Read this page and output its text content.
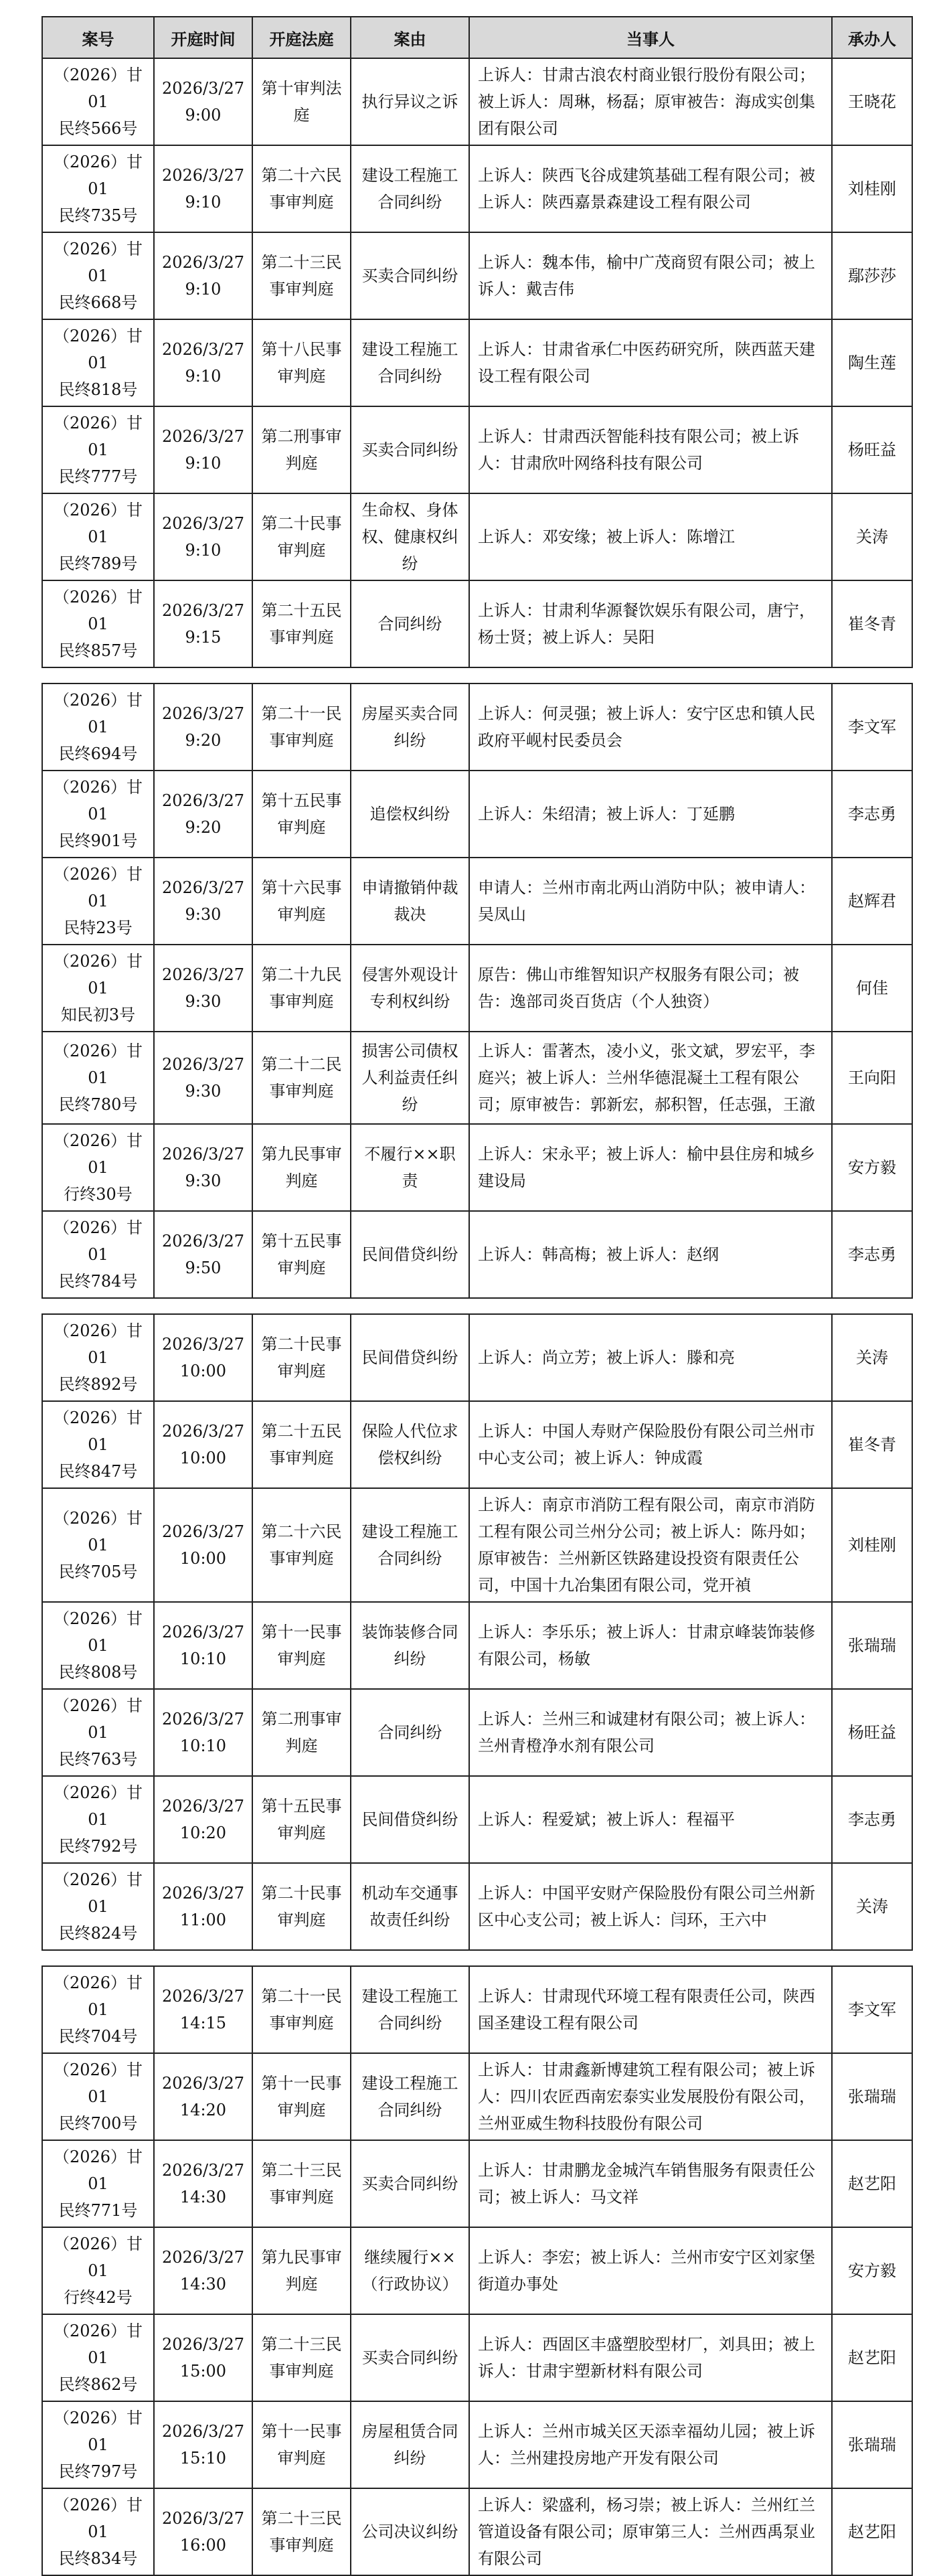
案号	开庭时间	开庭法庭	案由	当事人	承办人

（2026）甘01
民终566号	2026/3/27
9:00	第十审判法
庭	执行异议之诉	上诉人：甘肃古浪农村商业银行股份有限公司；被上诉人：周琳，杨磊；原审被告：海成实创集团有限公司	王晓花

（2026）甘01
民终735号	2026/3/27
9:10	第二十六民
事审判庭	建设工程施工
合同纠纷	上诉人：陕西飞谷成建筑基础工程有限公司；被上诉人：陕西嘉景森建设工程有限公司	刘桂刚

（2026）甘01
民终668号	2026/3/27
9:10	第二十三民
事审判庭	买卖合同纠纷	上诉人：魏本伟，榆中广茂商贸有限公司；被上诉人：戴吉伟	鄢莎莎

（2026）甘01
民终818号	2026/3/27
9:10	第十八民事
审判庭	建设工程施工
合同纠纷	上诉人：甘肃省承仁中医药研究所，陕西蓝天建设工程有限公司	陶生莲

（2026）甘01
民终777号	2026/3/27
9:10	第二刑事审
判庭	买卖合同纠纷	上诉人：甘肃西沃智能科技有限公司；被上诉人：甘肃欣叶网络科技有限公司	杨旺益

（2026）甘01
民终789号	2026/3/27
9:10	第二十民事
审判庭	生命权、身体
权、健康权纠纷	上诉人：邓安缘；被上诉人：陈增江	关涛

（2026）甘01
民终857号	2026/3/27
9:15	第二十五民
事审判庭	合同纠纷	上诉人：甘肃利华源餐饮娱乐有限公司，唐宁，杨士贤；被上诉人：吴阳	崔冬青

（2026）甘01
民终694号	2026/3/27
9:20	第二十一民
事审判庭	房屋买卖合同
纠纷	上诉人：何灵强；被上诉人：安宁区忠和镇人民政府平岘村民委员会	李文军

（2026）甘01
民终901号	2026/3/27
9:20	第十五民事
审判庭	追偿权纠纷	上诉人：朱绍清；被上诉人：丁延鹏	李志勇

（2026）甘01
民特23号	2026/3/27
9:30	第十六民事
审判庭	申请撤销仲裁
裁决	申请人：兰州市南北两山消防中队；被申请人：吴凤山	赵辉君

（2026）甘01
知民初3号	2026/3/27
9:30	第二十九民
事审判庭	侵害外观设计
专利权纠纷	原告：佛山市维智知识产权服务有限公司；被告：逸部司炎百货店（个人独资）	何佳

（2026）甘01
民终780号	2026/3/27
9:30	第二十二民
事审判庭	损害公司债权
人利益责任纠
纷	上诉人：雷著杰，凌小义，张文斌，罗宏平，李庭兴；被上诉人：兰州华德混凝土工程有限公司；原审被告：郭新宏，郝积智，任志强，王澈	王向阳

（2026）甘01
行终30号	2026/3/27
9:30	第九民事审
判庭	不履行××职
责	上诉人：宋永平；被上诉人：榆中县住房和城乡建设局	安方毅

（2026）甘01
民终784号	2026/3/27
9:50	第十五民事
审判庭	民间借贷纠纷	上诉人：韩高梅；被上诉人：赵纲	李志勇

（2026）甘01
民终892号	2026/3/27
10:00	第二十民事
审判庭	民间借贷纠纷	上诉人：尚立芳；被上诉人：滕和亮	关涛

（2026）甘01
民终847号	2026/3/27
10:00	第二十五民
事审判庭	保险人代位求
偿权纠纷	上诉人：中国人寿财产保险股份有限公司兰州市中心支公司；被上诉人：钟成霞	崔冬青

（2026）甘01
民终705号	2026/3/27
10:00	第二十六民
事审判庭	建设工程施工
合同纠纷	上诉人：南京市消防工程有限公司，南京市消防工程有限公司兰州分公司；被上诉人：陈丹如；原审被告：兰州新区铁路建设投资有限责任公司，中国十九冶集团有限公司，党开禎	刘桂刚

（2026）甘01
民终808号	2026/3/27
10:10	第十一民事
审判庭	装饰装修合同
纠纷	上诉人：李乐乐；被上诉人：甘肃京峰装饰装修有限公司，杨敏	张瑞瑞

（2026）甘01
民终763号	2026/3/27
10:10	第二刑事审
判庭	合同纠纷	上诉人：兰州三和诚建材有限公司；被上诉人：兰州青橙净水剂有限公司	杨旺益

（2026）甘01
民终792号	2026/3/27
10:20	第十五民事
审判庭	民间借贷纠纷	上诉人：程爱斌；被上诉人：程福平	李志勇

（2026）甘01
民终824号	2026/3/27
11:00	第二十民事
审判庭	机动车交通事
故责任纠纷	上诉人：中国平安财产保险股份有限公司兰州新区中心支公司；被上诉人：闫环，王六中	关涛

（2026）甘01
民终704号	2026/3/27
14:15	第二十一民
事审判庭	建设工程施工
合同纠纷	上诉人：甘肃现代环境工程有限责任公司，陕西国圣建设工程有限公司	李文军

（2026）甘01
民终700号	2026/3/27
14:20	第十一民事
审判庭	建设工程施工
合同纠纷	上诉人：甘肃鑫新博建筑工程有限公司；被上诉人：四川农匠西南宏泰实业发展股份有限公司，兰州亚威生物科技股份有限公司	张瑞瑞

（2026）甘01
民终771号	2026/3/27
14:30	第二十三民
事审判庭	买卖合同纠纷	上诉人：甘肃鹏龙金城汽车销售服务有限责任公司；被上诉人：马文祥	赵艺阳

（2026）甘01
行终42号	2026/3/27
14:30	第九民事审
判庭	继续履行××
（行政协议）	上诉人：李宏；被上诉人：兰州市安宁区刘家堡街道办事处	安方毅

（2026）甘01
民终862号	2026/3/27
15:00	第二十三民
事审判庭	买卖合同纠纷	上诉人：西固区丰盛塑胶型材厂，刘具田；被上诉人：甘肃宇塑新材料有限公司	赵艺阳

（2026）甘01
民终797号	2026/3/27
15:10	第十一民事
审判庭	房屋租赁合同
纠纷	上诉人：兰州市城关区天添幸福幼儿园；被上诉人：兰州建投房地产开发有限公司	张瑞瑞

（2026）甘01
民终834号	2026/3/27
16:00	第二十三民
事审判庭	公司决议纠纷	上诉人：梁盛利，杨习崇；被上诉人：兰州红兰管道设备有限公司；原审第三人：兰州西禹泵业有限公司	赵艺阳
